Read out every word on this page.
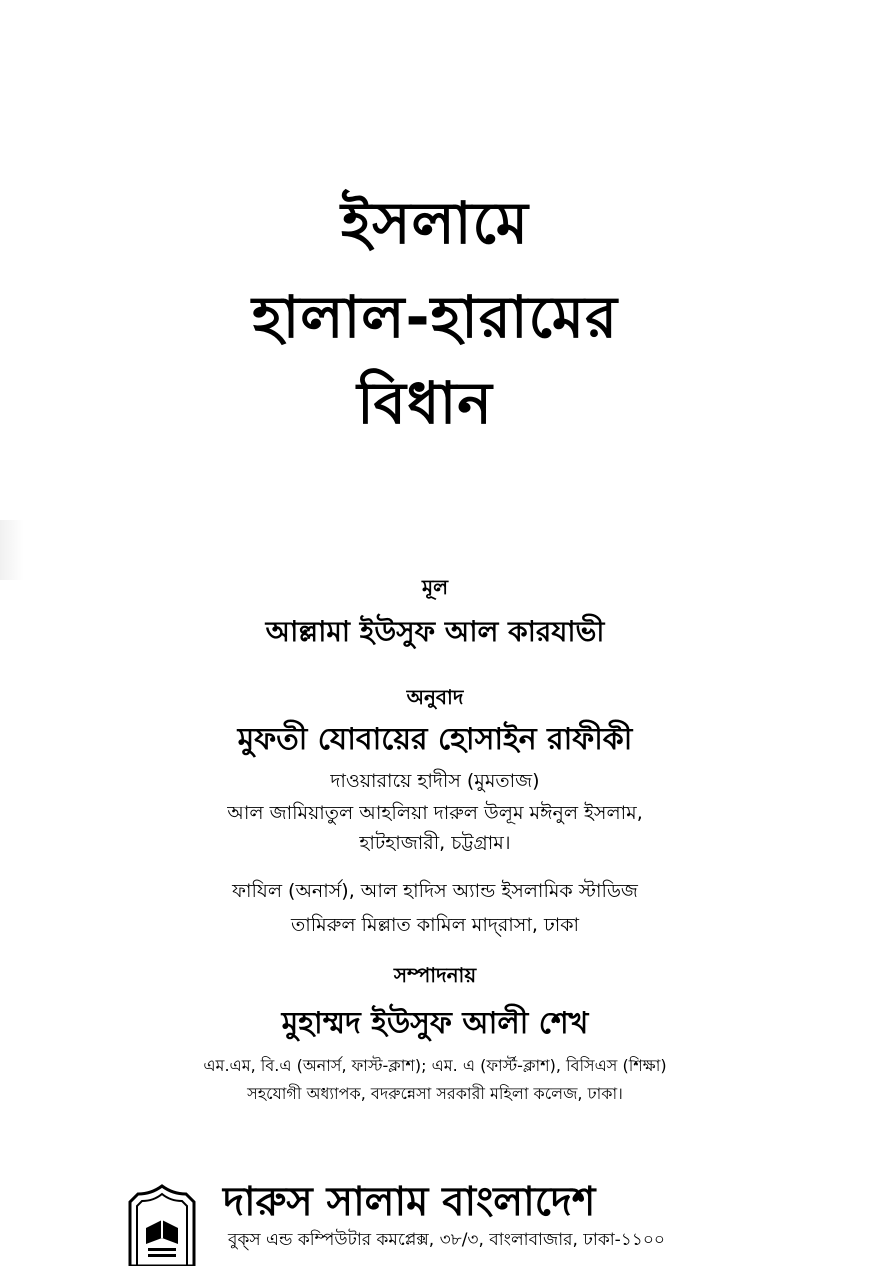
ইসলামে
হালাল-হারামের
বিধান
মূল
আল্লামা ইউসুফ আল কারযাভী
অনুবাদ
মুফতী যোবায়ের হোসাইন রাফীকী
দাওয়ারায়ে হাদীস (মুমতাজ)
আল জামিয়াতুল আহলিয়া দারুল উলূম মঈনুল ইসলাম,
হাটহাজারী, চট্টগ্রাম।
ফাযিল (অনার্স), আল হাদিস অ্যান্ড ইসলামিক স্টাডিজ
তামিরুল মিল্লাত কামিল মাদ্‌রাসা, ঢাকা
সম্পাদনায়
মুহাম্মদ ইউসুফ আলী শেখ
এম.এম, বি.এ (অনার্স, ফাস্ট-ক্লাশ); এম. এ (ফার্স্ট-ক্লাশ), বিসিএস (শিক্ষা)
সহযোগী অধ্যাপক, বদরুন্নেসা সরকারী মহিলা কলেজ, ঢাকা।
দারুস সালাম বাংলাদেশ
বুক্‌স এন্ড কম্পিউটার কমপ্লেক্স, ৩৮/৩, বাংলাবাজার, ঢাকা-১১০০
